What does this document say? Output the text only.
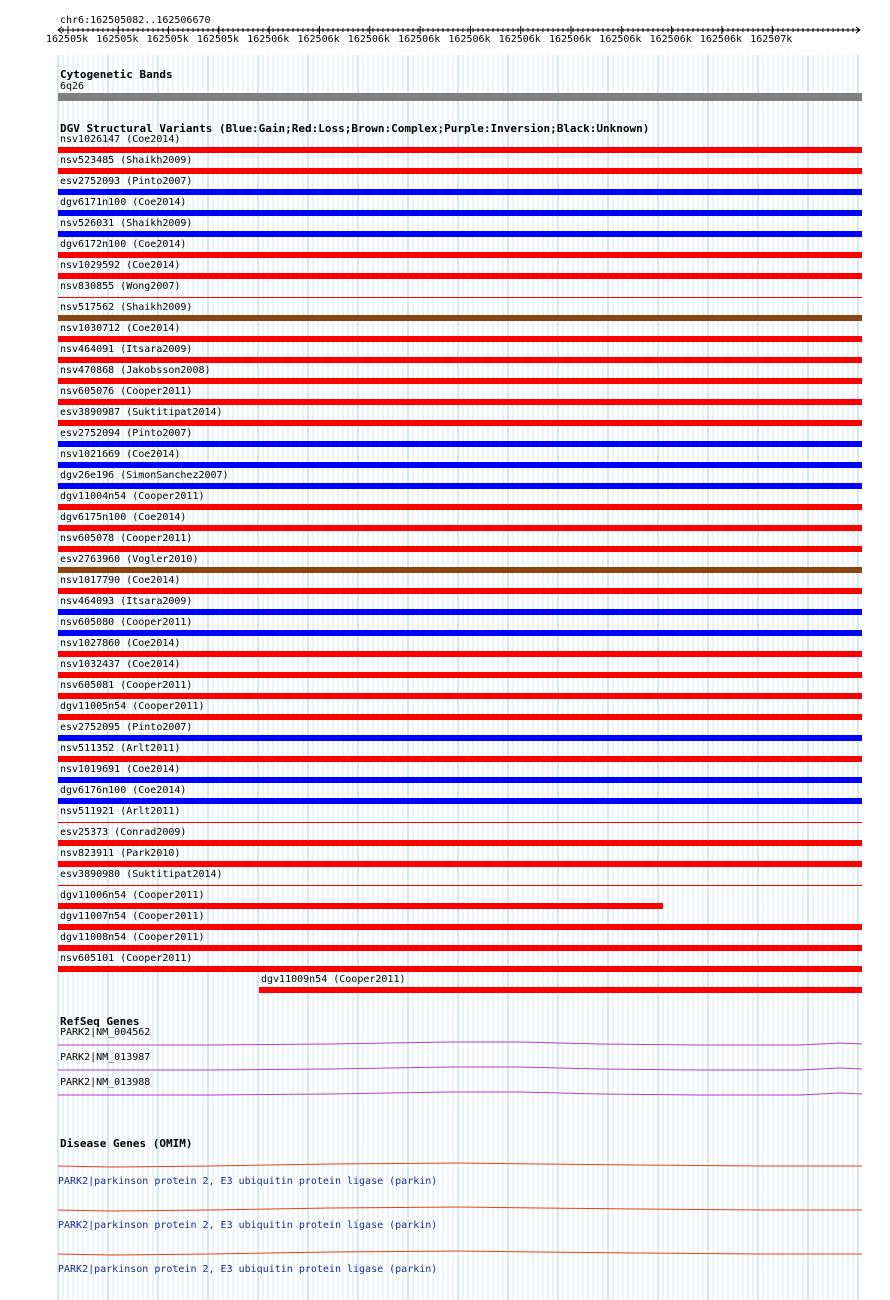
chr6:162505082..162506670
162505k 162505k 162505k 162505k 162506k 162506k 162506k 162506k 162506k 162506k 162506k 162506k 162506k 162506k 162507k
Cytogenetic Bands
6q26
DGV Structural Variants (Blue:Gain;Red:Loss;Brown:Complex;Purple:Inversion;Black:Unknown)
nsv1026147 (Coe2014)
nsv523485 (Shaikh2009)
esv2752093 (Pinto2007)
dgv6171n100 (Coe2014)
nsv526031 (Shaikh2009)
dgv6172n100 (Coe2014)
nsv1029592 (Coe2014)
nsv830855 (Wong2007)
nsv517562 (Shaikh2009)
nsv1030712 (Coe2014)
nsv464091 (Itsara2009)
nsv470868 (Jakobsson2008)
nsv605076 (Cooper2011)
esv3890987 (Suktitipat2014)
esv2752094 (Pinto2007)
nsv1021669 (Coe2014)
dgv26e196 (SimonSanchez2007)
dgv11004n54 (Cooper2011)
dgv6175n100 (Coe2014)
nsv605078 (Cooper2011)
esv2763960 (Vogler2010)
nsv1017790 (Coe2014)
nsv464093 (Itsara2009)
nsv605080 (Cooper2011)
nsv1027860 (Coe2014)
nsv1032437 (Coe2014)
nsv605081 (Cooper2011)
dgv11005n54 (Cooper2011)
esv2752095 (Pinto2007)
nsv511352 (Arlt2011)
nsv1019691 (Coe2014)
dgv6176n100 (Coe2014)
nsv511921 (Arlt2011)
esv25373 (Conrad2009)
nsv823911 (Park2010)
esv3890980 (Suktitipat2014)
dgv11006n54 (Cooper2011)
dgv11007n54 (Cooper2011)
dgv11008n54 (Cooper2011)
nsv605101 (Cooper2011)
dgv11009n54 (Cooper2011)
RefSeq Genes
PARK2|NM_004562
PARK2|NM_013987
PARK2|NM_013988
Disease Genes (OMIM)
PARK2|parkinson protein 2, E3 ubiquitin protein ligase (parkin)
PARK2|parkinson protein 2, E3 ubiquitin protein ligase (parkin)
PARK2|parkinson protein 2, E3 ubiquitin protein ligase (parkin)
